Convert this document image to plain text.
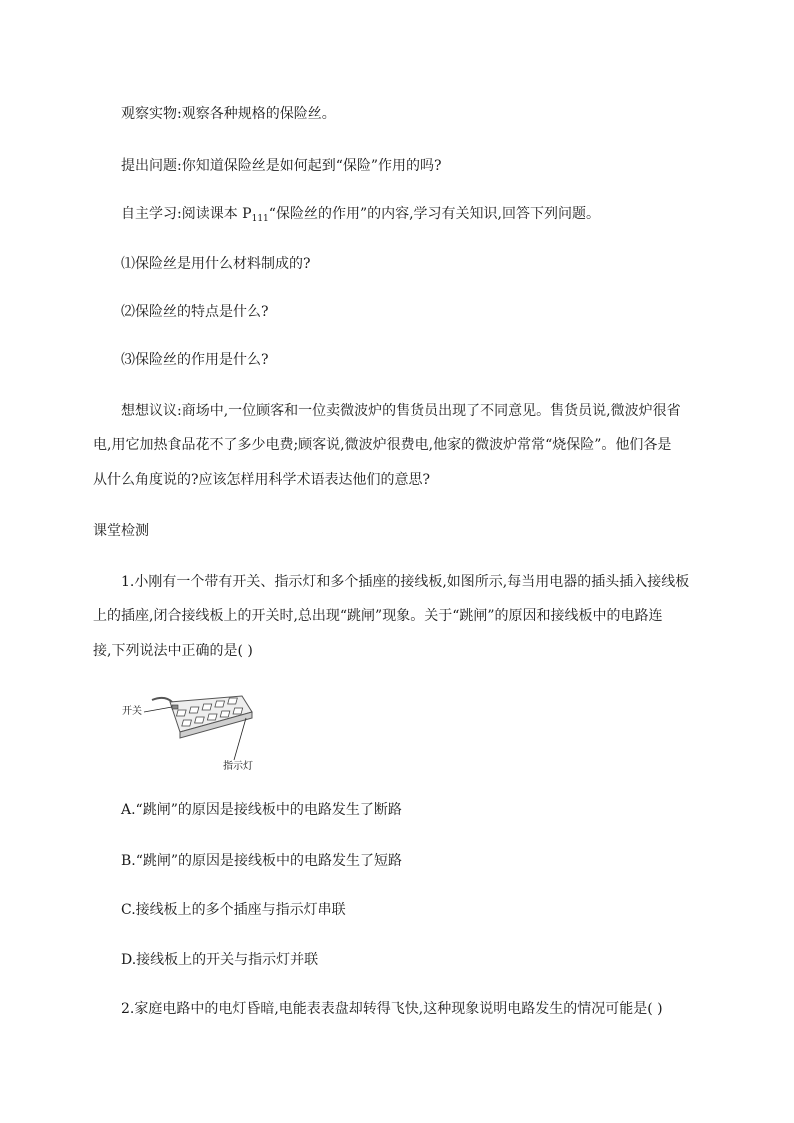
观察实物:观察各种规格的保险丝。
提出问题:你知道保险丝是如何起到“保险”作用的吗?
自主学习:阅读课本 $P_{111}“$保险丝的作用”的内容,学习有关知识,回答下列问题。
⑴保险丝是用什么材料制成的?
⑵保险丝的特点是什么?
⑶保险丝的作用是什么?
想想议议:商场中,一位顾客和一位卖微波炉的售货员出现了不同意见。售货员说,微波炉很省
电,用它加热食品花不了多少电费;顾客说,微波炉很费电,他家的微波炉常常“烧保险”。他们各是
从什么角度说的?应该怎样用科学术语表达他们的意思?
课堂检测
1.小刚有一个带有开关、指示灯和多个插座的接线板,如图所示,每当用电器的插头插入接线板
上的插座,闭合接线板上的开关时,总出现“跳闸”现象。关于“跳闸”的原因和接线板中的电路连
接,下列说法中正确的是( )
开关
指示灯
A.“跳闸”的原因是接线板中的电路发生了断路
B.“跳闸”的原因是接线板中的电路发生了短路
C.接线板上的多个插座与指示灯串联
D.接线板上的开关与指示灯并联
2.家庭电路中的电灯昏暗,电能表表盘却转得飞快,这种现象说明电路发生的情况可能是( )
